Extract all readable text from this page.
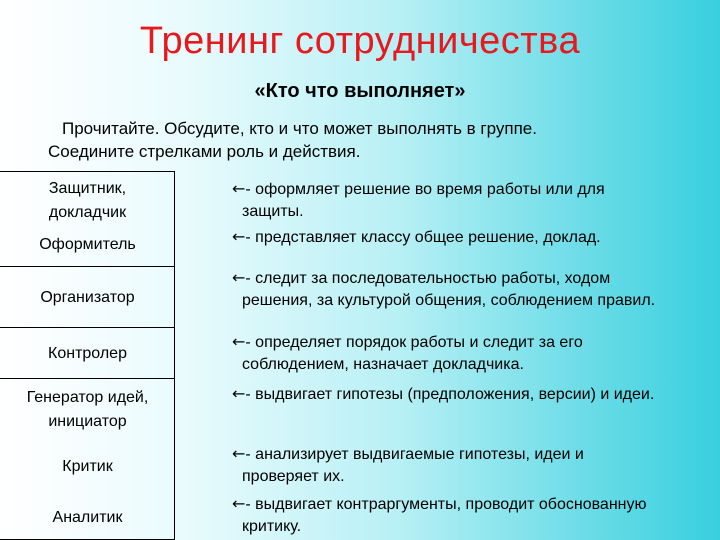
Тренинг сотрудничества
«Кто что выполняет»
Прочитайте. Обсудите, кто и что может выполнять в группе.
Соедините стрелками роль и действия.
Защитник,
докладчик
Оформитель
Организатор
Контролер
Генератор идей,
инициатор
Критик
Аналитик
←- оформляет решение во время работы или для
защиты.
←- представляет классу общее решение, доклад.
←- следит за последовательностью работы, ходом
решения, за культурой общения, соблюдением правил.
←- определяет порядок работы и следит за его
соблюдением, назначает докладчика.
←- выдвигает гипотезы (предположения, версии) и идеи.
←- анализирует выдвигаемые гипотезы, идеи и
проверяет их.
←- выдвигает контраргументы, проводит обоснованную
критику.
